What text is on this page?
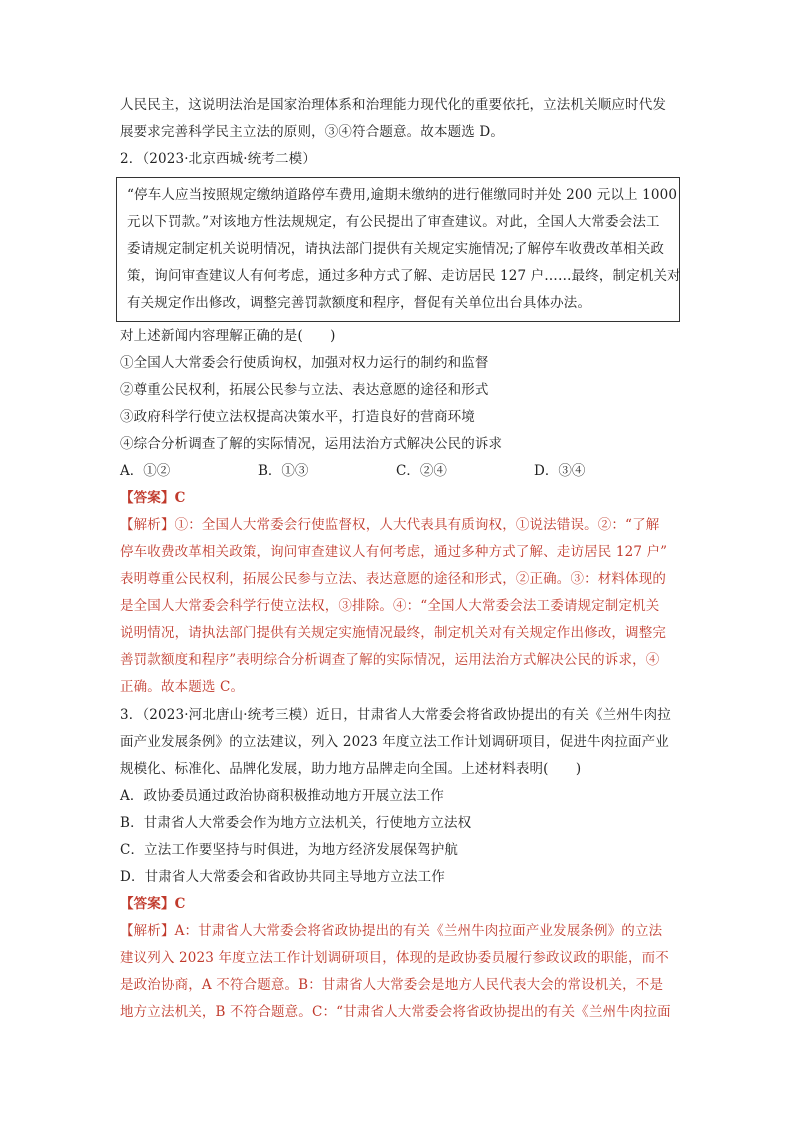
人民民主，这说明法治是国家治理体系和治理能力现代化的重要依托，立法机关顺应时代发
展要求完善科学民主立法的原则，③④符合题意。故本题选 D。
2．（2023·北京西城·统考二模）
“停车人应当按照规定缴纳道路停车费用,逾期未缴纳的进行催缴同时并处 200 元以上 1000
元以下罚款。”对该地方性法规规定，有公民提出了审查建议。对此，全国人大常委会法工
委请规定制定机关说明情况，请执法部门提供有关规定实施情况;了解停车收费改革相关政
策，询问审查建议人有何考虑，通过多种方式了解、走访居民 127 户……最终，制定机关对
有关规定作出修改，调整完善罚款额度和程序，督促有关单位出台具体办法。
对上述新闻内容理解正确的是(　　)
①全国人大常委会行使质询权，加强对权力运行的制约和监督
②尊重公民权利，拓展公民参与立法、表达意愿的途径和形式
③政府科学行使立法权提高决策水平，打造良好的营商环境
④综合分析调查了解的实际情况，运用法治方式解决公民的诉求
A．①②	B．①③	C．②④	D．③④
【答案】C
【解析】①：全国人大常委会行使监督权，人大代表具有质询权，①说法错误。②：“了解
停车收费改革相关政策，询问审查建议人有何考虑，通过多种方式了解、走访居民 127 户”
表明尊重公民权利，拓展公民参与立法、表达意愿的途径和形式，②正确。③：材料体现的
是全国人大常委会科学行使立法权，③排除。④：“全国人大常委会法工委请规定制定机关
说明情况，请执法部门提供有关规定实施情况最终，制定机关对有关规定作出修改，调整完
善罚款额度和程序”表明综合分析调查了解的实际情况，运用法治方式解决公民的诉求，④
正确。故本题选 C。
3．（2023·河北唐山·统考三模）近日，甘肃省人大常委会将省政协提出的有关《兰州牛肉拉
面产业发展条例》的立法建议，列入 2023 年度立法工作计划调研项目，促进牛肉拉面产业
规模化、标准化、品牌化发展，助力地方品牌走向全国。上述材料表明(　　)
A．政协委员通过政治协商积极推动地方开展立法工作
B．甘肃省人大常委会作为地方立法机关，行使地方立法权
C．立法工作要坚持与时俱进，为地方经济发展保驾护航
D．甘肃省人大常委会和省政协共同主导地方立法工作
【答案】C
【解析】A：甘肃省人大常委会将省政协提出的有关《兰州牛肉拉面产业发展条例》的立法
建议列入 2023 年度立法工作计划调研项目，体现的是政协委员履行参政议政的职能，而不
是政治协商，A 不符合题意。B：甘肃省人大常委会是地方人民代表大会的常设机关，不是
地方立法机关，B 不符合题意。C：“甘肃省人大常委会将省政协提出的有关《兰州牛肉拉面
